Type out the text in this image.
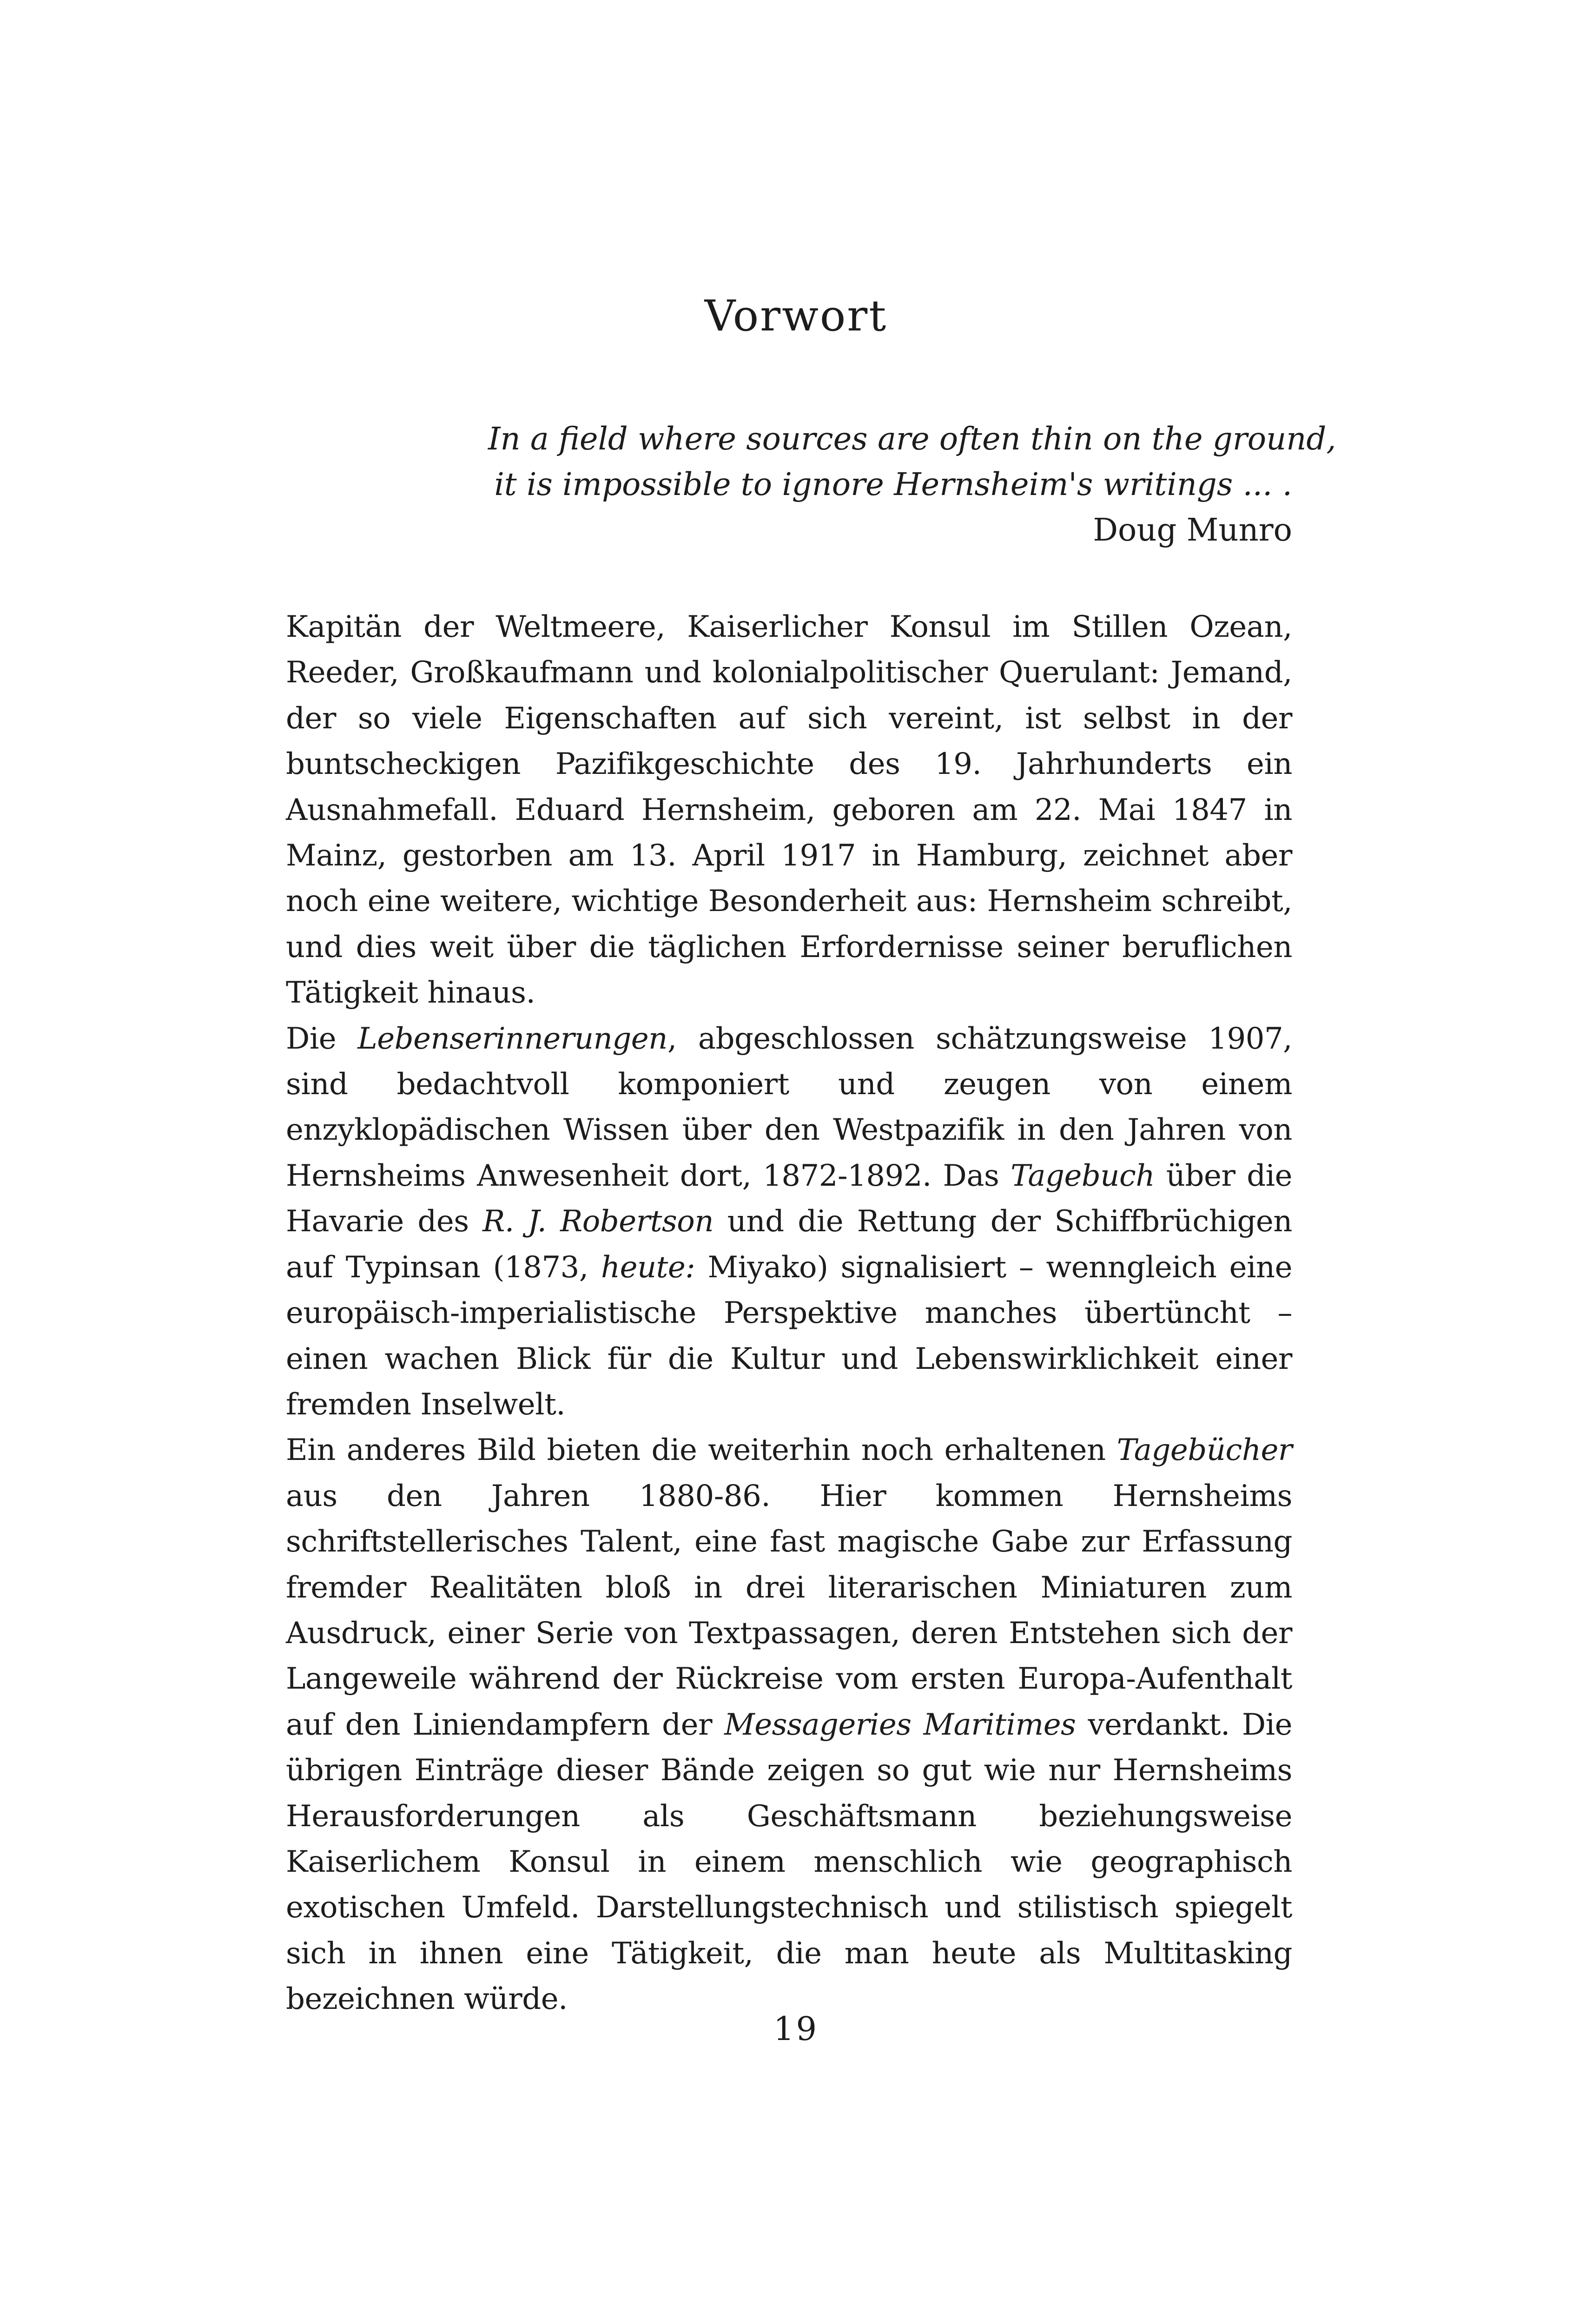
Vorwort
In a field where sources are often thin on the ground,
it is impossible to ignore Hernsheim's writings ... .
Doug Munro

Kapitän der Weltmeere, Kaiserlicher Konsul im Stillen Ozean, Reeder, Großkaufmann und kolonialpolitischer Querulant: Jemand, der so viele Eigenschaften auf sich vereint, ist selbst in der buntscheckigen Pazifikgeschichte des 19. Jahrhunderts ein Ausnahmefall. Eduard Hernsheim, geboren am 22. Mai 1847 in Mainz, gestorben am 13. April 1917 in Hamburg, zeichnet aber noch eine weitere, wichtige Besonderheit aus: Hernsheim schreibt, und dies weit über die täglichen Erfordernisse seiner beruflichen Tätigkeit hinaus.

Die Lebenserinnerungen, abgeschlossen schätzungsweise 1907, sind bedachtvoll komponiert und zeugen von einem enzyklopädischen Wissen über den Westpazifik in den Jahren von Hernsheims Anwesenheit dort, 1872-1892. Das Tagebuch über die Havarie des R. J. Robertson und die Rettung der Schiffbrüchigen auf Typinsan (1873, heute: Miyako) signalisiert – wenngleich eine europäisch-imperialistische Perspektive manches übertüncht – einen wachen Blick für die Kultur und Lebenswirklichkeit einer fremden Inselwelt.

Ein anderes Bild bieten die weiterhin noch erhaltenen Tagebücher aus den Jahren 1880-86. Hier kommen Hernsheims schriftstellerisches Talent, eine fast magische Gabe zur Erfassung fremder Realitäten bloß in drei literarischen Miniaturen zum Ausdruck, einer Serie von Textpassagen, deren Entstehen sich der Langeweile während der Rückreise vom ersten Europa-Aufenthalt auf den Liniendampfern der Messageries Maritimes verdankt. Die übrigen Einträge dieser Bände zeigen so gut wie nur Hernsheims Herausforderungen als Geschäftsmann beziehungsweise Kaiserlichem Konsul in einem menschlich wie geographisch exotischen Umfeld. Darstellungstechnisch und stilistisch spiegelt sich in ihnen eine Tätigkeit, die man heute als Multitasking bezeichnen würde.

19
